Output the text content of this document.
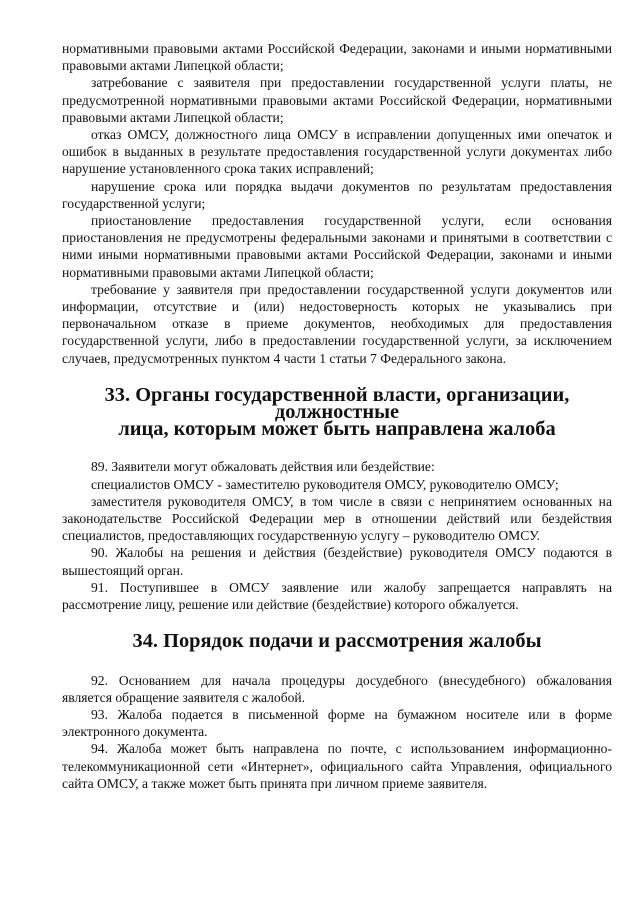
нормативными правовыми актами Российской Федерации, законами и иными нормативными правовыми актами Липецкой области;

затребование с заявителя при предоставлении государственной услуги платы, не предусмотренной нормативными правовыми актами Российской Федерации, нормативными правовыми актами Липецкой области;

отказ ОМСУ, должностного лица ОМСУ в исправлении допущенных ими опечаток и ошибок в выданных в результате предоставления государственной услуги документах либо нарушение установленного срока таких исправлений;

нарушение срока или порядка выдачи документов по результатам предоставления государственной услуги;

приостановление предоставления государственной услуги, если основания приостановления не предусмотрены федеральными законами и принятыми в соответствии с ними иными нормативными правовыми актами Российской Федерации, законами и иными нормативными правовыми актами Липецкой области;

требование у заявителя при предоставлении государственной услуги документов или информации, отсутствие и (или) недостоверность которых не указывались при первоначальном отказе в приеме документов, необходимых для предоставления государственной услуги, либо в предоставлении государственной услуги, за исключением случаев, предусмотренных пунктом 4 части 1 статьи 7 Федерального закона.

33. Органы государственной власти, организации, должностные
лица, которым может быть направлена жалоба

89. Заявители могут обжаловать действия или бездействие:

специалистов ОМСУ - заместителю руководителя ОМСУ, руководителю ОМСУ;

заместителя руководителя ОМСУ, в том числе в связи с непринятием основанных на законодательстве Российской Федерации мер в отношении действий или бездействия специалистов, предоставляющих государственную услугу – руководителю ОМСУ.

90. Жалобы на решения и действия (бездействие) руководителя ОМСУ подаются в вышестоящий орган.

91. Поступившее в ОМСУ заявление или жалобу запрещается направлять на рассмотрение лицу, решение или действие (бездействие) которого обжалуется.

34. Порядок подачи и рассмотрения жалобы

92. Основанием для начала процедуры досудебного (внесудебного) обжалования является обращение заявителя с жалобой.

93. Жалоба подается в письменной форме на бумажном носителе или в форме электронного документа.

94. Жалоба может быть направлена по почте, с использованием информационно-телекоммуникационной сети «Интернет», официального сайта Управления, официального сайта ОМСУ, а также может быть принята при личном приеме заявителя.
